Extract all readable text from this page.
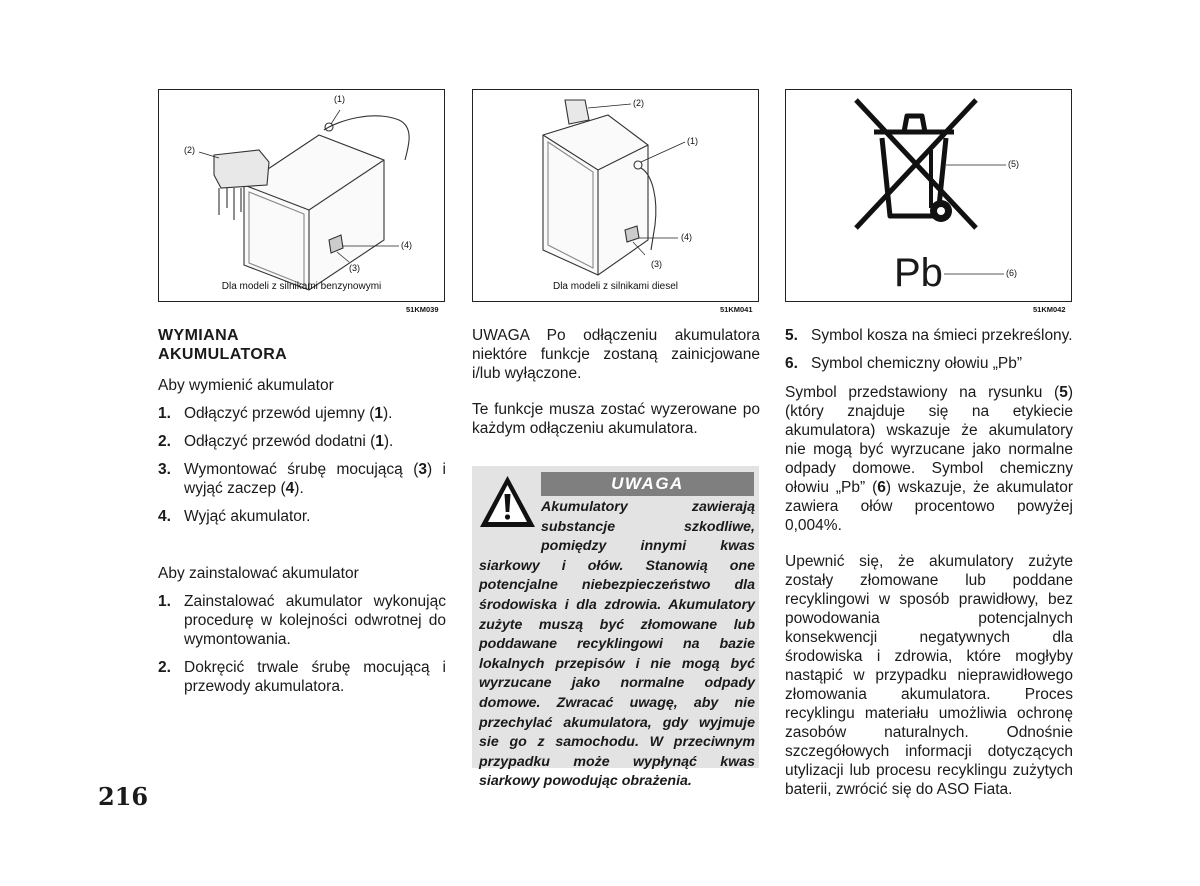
(1)
(2)
(4)
(3)
Dla modeli z silnikami benzynowymi
51KM039
(2)
(1)
(4)
(3)
Dla modeli z silnikami diesel
51KM041
Pb
(5)
(6)
51KM042
WYMIANA
AKUMULATORA

Aby wymienić akumulator

1. Odłączyć przewód ujemny (1).
2. Odłączyć przewód dodatni (1).
3. Wymontować śrubę mocującą (3) i wyjąć zaczep (4).
4. Wyjąć akumulator.

Aby zainstalować akumulator

1. Zainstalować akumulator wykonując procedurę w kolejności odwrotnej do wymontowania.
2. Dokręcić trwale śrubę mocującą i przewody akumulatora.

UWAGA Po odłączeniu akumulatora niektóre funkcje zostaną zainicjowane i/lub wyłączone.

Te funkcje musza zostać wyzerowane po każdym odłączeniu akumulatora.

UWAGA
Akumulatory zawierają substancje szkodliwe, pomiędzy innymi kwas siarkowy i ołów. Stanowią one potencjalne niebezpieczeństwo dla środowiska i dla zdrowia. Akumulatory zużyte muszą być złomowane lub poddawane recyklingowi na bazie lokalnych przepisów i nie mogą być wyrzucane jako normalne odpady domowe. Zwracać uwagę, aby nie przechylać akumulatora, gdy wyjmuje sie go z samochodu. W przeciwnym przypadku może wypłynąć kwas siarkowy powodując obrażenia.
5. Symbol kosza na śmieci przekreślony.
6. Symbol chemiczny ołowiu „Pb”

Symbol przedstawiony na rysunku (5) (który znajduje się na etykiecie akumulatora) wskazuje że akumulatory nie mogą być wyrzucane jako normalne odpady domowe. Symbol chemiczny ołowiu „Pb” (6) wskazuje, że akumulator zawiera ołów procentowo powyżej 0,004%.

Upewnić się, że akumulatory zużyte zostały złomowane lub poddane recyklingowi w sposób prawidłowy, bez powodowania potencjalnych konsekwencji negatywnych dla środowiska i zdrowia, które mogłyby nastąpić w przypadku nieprawidłowego złomowania akumulatora. Proces recyklingu materiału umożliwia ochronę zasobów naturalnych. Odnośnie szczegółowych informacji dotyczących utylizacji lub procesu recyklingu zużytych baterii, zwrócić się do ASO Fiata.

216
